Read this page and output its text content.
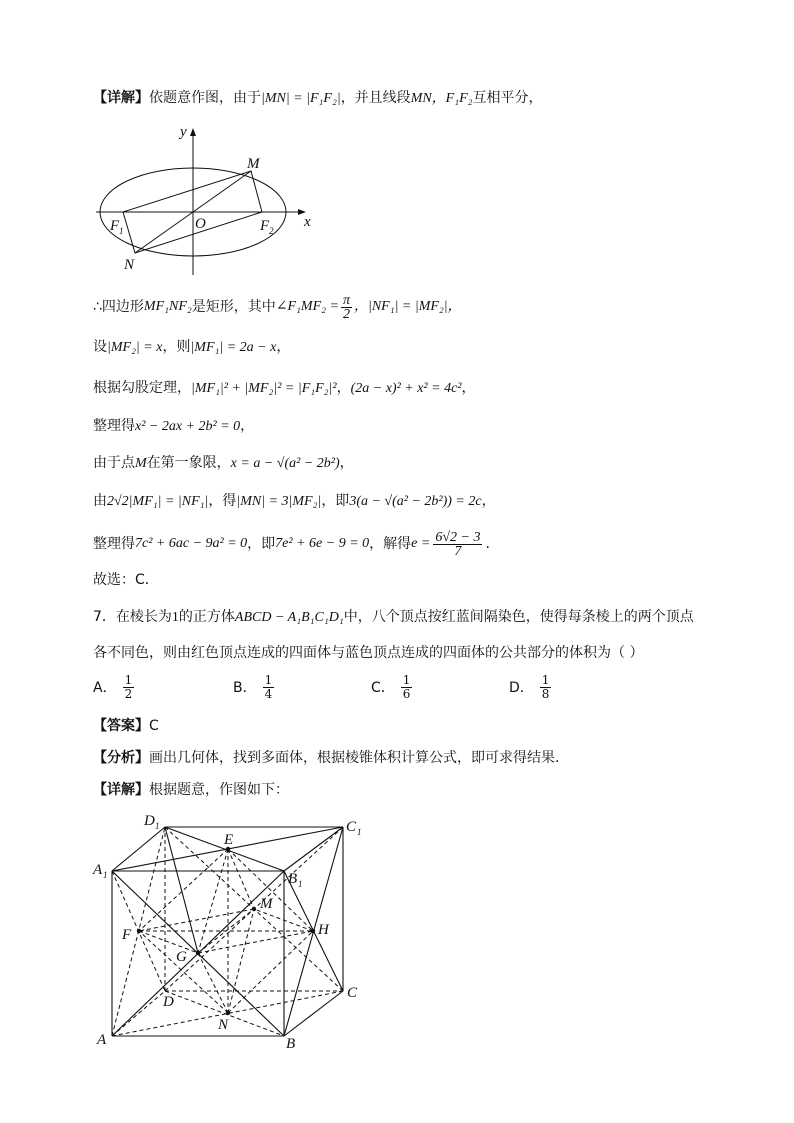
【详解】依题意作图，由于|MN| = |F₁F₂|，并且线段MN，F₁F₂互相平分，
y
x
O
M
N
F 1	F 2
∴四边形 MF₁NF₂ 是矩形，其中 ∠F₁MF₂ = $\frac{\pi}{2}$ ，|NF₁| = |MF₂|，
设|MF₂| = x，则|MF₁| = 2a − x，
根据勾股定理，|MF₁|² + |MF₂|² = |F₁F₂|²，(2a − x)² + x² = 4c²，
整理得x² − 2ax + 2b² = 0，
由于点M在第一象限，x = a − √(a² − 2b²)，
由2√2|MF₁| = |NF₁|，得|MN| = 3|MF₂|，即3(a − √(a² − 2b²)) = 2c，
整理得 7c² + 6ac − 9a² = 0 ，即 7e² + 6e − 9 = 0 ，解得 $e = \frac{6√2 - 3}{7}$ .
故选：C．
7．在棱长为1的正方体ABCD − A₁B₁C₁D₁中，八个顶点按红蓝间隔染色，使得每条棱上的两个顶点
各不同色，则由红色顶点连成的四面体与蓝色顶点连成的四面体的公共部分的体积为（ ）
A． $\frac{1}{2}$	B． $\frac{1}{4}$	C． $\frac{1}{6}$	D． $\frac{1}{8}$
【答案】C
【分析】画出几何体，找到多面体，根据棱锥体积计算公式，即可求得结果.
【详解】根据题意，作图如下：
D 1	C 1
A 1	B 1
E
F
G
H
M
N
A	B
C
D
